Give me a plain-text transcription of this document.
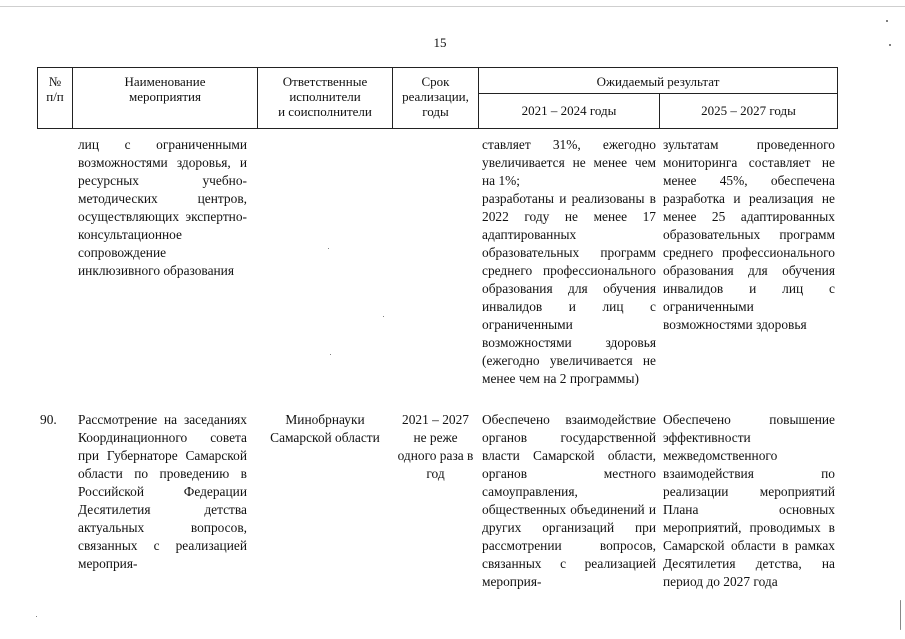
15
№
п/п
Наименование
мероприятия
Ответственные
исполнители
и соисполнители
Срок
реализации,
годы
Ожидаемый результат
2021 – 2024 годы	2025 – 2027 годы
лиц с ограниченными возможностями здоровья, и ресурсных учебно-методических центров, осуществляющих экспертно-консультационное сопровождение инклюзивного образования
ставляет 31%, ежегодно увеличивается не менее чем на 1%;
разработаны и реализованы в 2022 году не менее 17 адаптированных образовательных программ среднего профессионального образования для обучения инвалидов и лиц с ограниченными возможностями здоровья (ежегодно увеличивается не менее чем на 2 программы)
зультатам проведенного мониторинга составляет не менее 45%, обеспечена разработка и реализация не менее 25 адаптированных образовательных программ среднего профессионального образования для обучения инвалидов и лиц с ограниченными возможностями здоровья
90.	Рассмотрение на заседаниях Координационного совета при Губернаторе Самарской области по проведению в Российской Федерации Десятилетия детства актуальных вопросов, связанных с реализацией мероприя-
Минобрнауки Самарской области
2021 – 2027 не реже одного раза в год
Обеспечено взаимодействие органов государственной власти Самарской области, органов местного самоуправления, общественных объединений и других организаций при рассмотрении вопросов, связанных с реализацией мероприя-
Обеспечено повышение эффективности межведомственного взаимодействия по реализации мероприятий Плана основных мероприятий, проводимых в Самарской области в рамках Десятилетия детства, на период до 2027 года
